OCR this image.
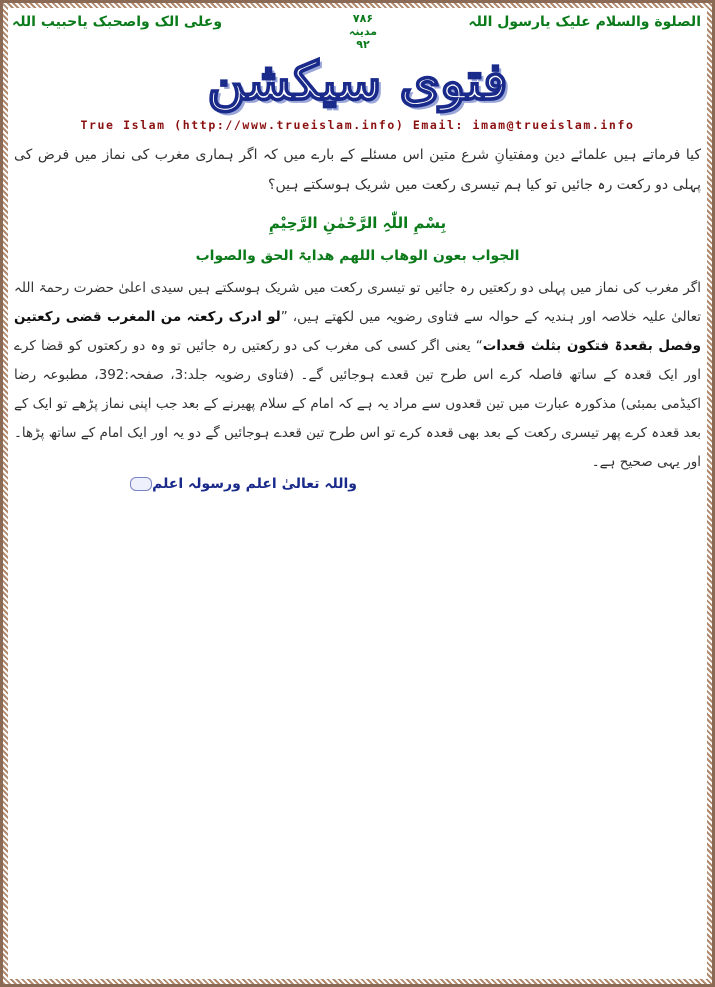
الصلوة والسلام علیک یارسول اللہ
۷۸۶
مدینہ
۹۲
وعلی الک واصحبک یاحبیب اللہ
فتوی سیکشن
True Islam (http://www.trueislam.info) Email: imam@trueislam.info
کیا فرماتے ہیں علمائے دین ومفتیانِ شرع متین اس مسئلے کے بارے میں کہ اگر ہماری مغرب کی نماز میں فرض کی پہلی دو رکعت رہ جائیں تو کیا ہم تیسری رکعت میں شریک ہوسکتے ہیں؟
بِسْمِ اللّٰہِ الرَّحْمٰنِ الرَّحِیْمِ
الجواب بعون الوھاب اللھم ھدایۃ الحق والصواب
اگر مغرب کی نماز میں پہلی دو رکعتیں رہ جائیں تو تیسری رکعت میں شریک ہوسکتے ہیں سیدی اعلیٰ حضرت رحمۃ اللہ تعالیٰ علیہ خلاصہ اور ہندیہ کے حوالہ سے فتاوی رضویہ میں لکھتے ہیں، ”لو ادرک رکعتہ من المغرب قضی رکعتین وفصل بقعدۃ فتکون بثلث قعدات“ یعنی اگر کسی کی مغرب کی دو رکعتیں رہ جائیں تو وہ دو رکعتوں کو قضا کرے اور ایک قعدہ کے ساتھ فاصلہ کرے اس طرح تین قعدے ہوجائیں گے۔ (فتاوی رضویہ جلد:3، صفحہ:392، مطبوعہ رضا اکیڈمی بمبئی) مذکورہ عبارت میں تین قعدوں سے مراد یہ ہے کہ امام کے سلام پھیرنے کے بعد جب اپنی نماز پڑھے تو ایک کے بعد قعدہ کرے پھر تیسری رکعت کے بعد بھی قعدہ کرے تو اس طرح تین قعدے ہوجائیں گے دو یہ اور ایک امام کے ساتھ پڑھا۔ اور یہی صحیح ہے۔
واللہ تعالیٰ اعلم ورسولہ اعلم
